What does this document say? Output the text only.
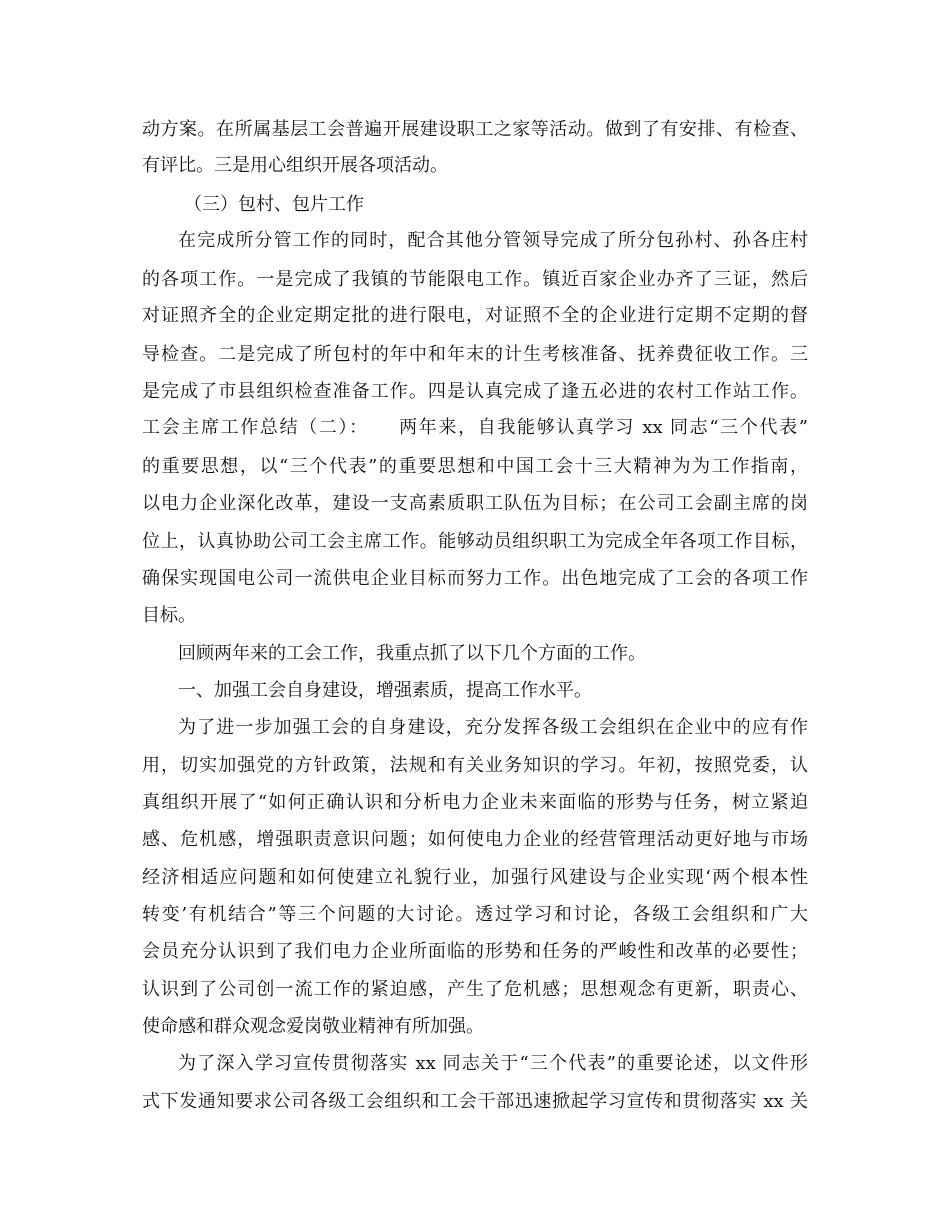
动方案。在所属基层工会普遍开展建设职工之家等活动。做到了有安排、有检查、
有评比。三是用心组织开展各项活动。
（三）包村、包片工作
在完成所分管工作的同时，配合其他分管领导完成了所分包孙村、孙各庄村
的各项工作。一是完成了我镇的节能限电工作。镇近百家企业办齐了三证，然后
对证照齐全的企业定期定批的进行限电，对证照不全的企业进行定期不定期的督
导检查。二是完成了所包村的年中和年末的计生考核准备、抚养费征收工作。三
是完成了市县组织检查准备工作。四是认真完成了逢五必进的农村工作站工作。
工会主席工作总结（二）：　　两年来，自我能够认真学习 xx 同志“三个代表”
的重要思想，以“三个代表”的重要思想和中国工会十三大精神为为工作指南，
以电力企业深化改革，建设一支高素质职工队伍为目标；在公司工会副主席的岗
位上，认真协助公司工会主席工作。能够动员组织职工为完成全年各项工作目标，
确保实现国电公司一流供电企业目标而努力工作。出色地完成了工会的各项工作
目标。
回顾两年来的工会工作，我重点抓了以下几个方面的工作。
一、加强工会自身建设，增强素质，提高工作水平。
为了进一步加强工会的自身建设，充分发挥各级工会组织在企业中的应有作
用，切实加强党的方针政策，法规和有关业务知识的学习。年初，按照党委，认
真组织开展了“如何正确认识和分析电力企业未来面临的形势与任务，树立紧迫
感、危机感，增强职责意识问题；如何使电力企业的经营管理活动更好地与市场
经济相适应问题和如何使建立礼貌行业，加强行风建设与企业实现‘两个根本性
转变’有机结合”等三个问题的大讨论。透过学习和讨论，各级工会组织和广大
会员充分认识到了我们电力企业所面临的形势和任务的严峻性和改革的必要性；
认识到了公司创一流工作的紧迫感，产生了危机感；思想观念有更新，职责心、
使命感和群众观念爱岗敬业精神有所加强。
为了深入学习宣传贯彻落实 xx 同志关于“三个代表”的重要论述，以文件形
式下发通知要求公司各级工会组织和工会干部迅速掀起学习宣传和贯彻落实 xx 关
